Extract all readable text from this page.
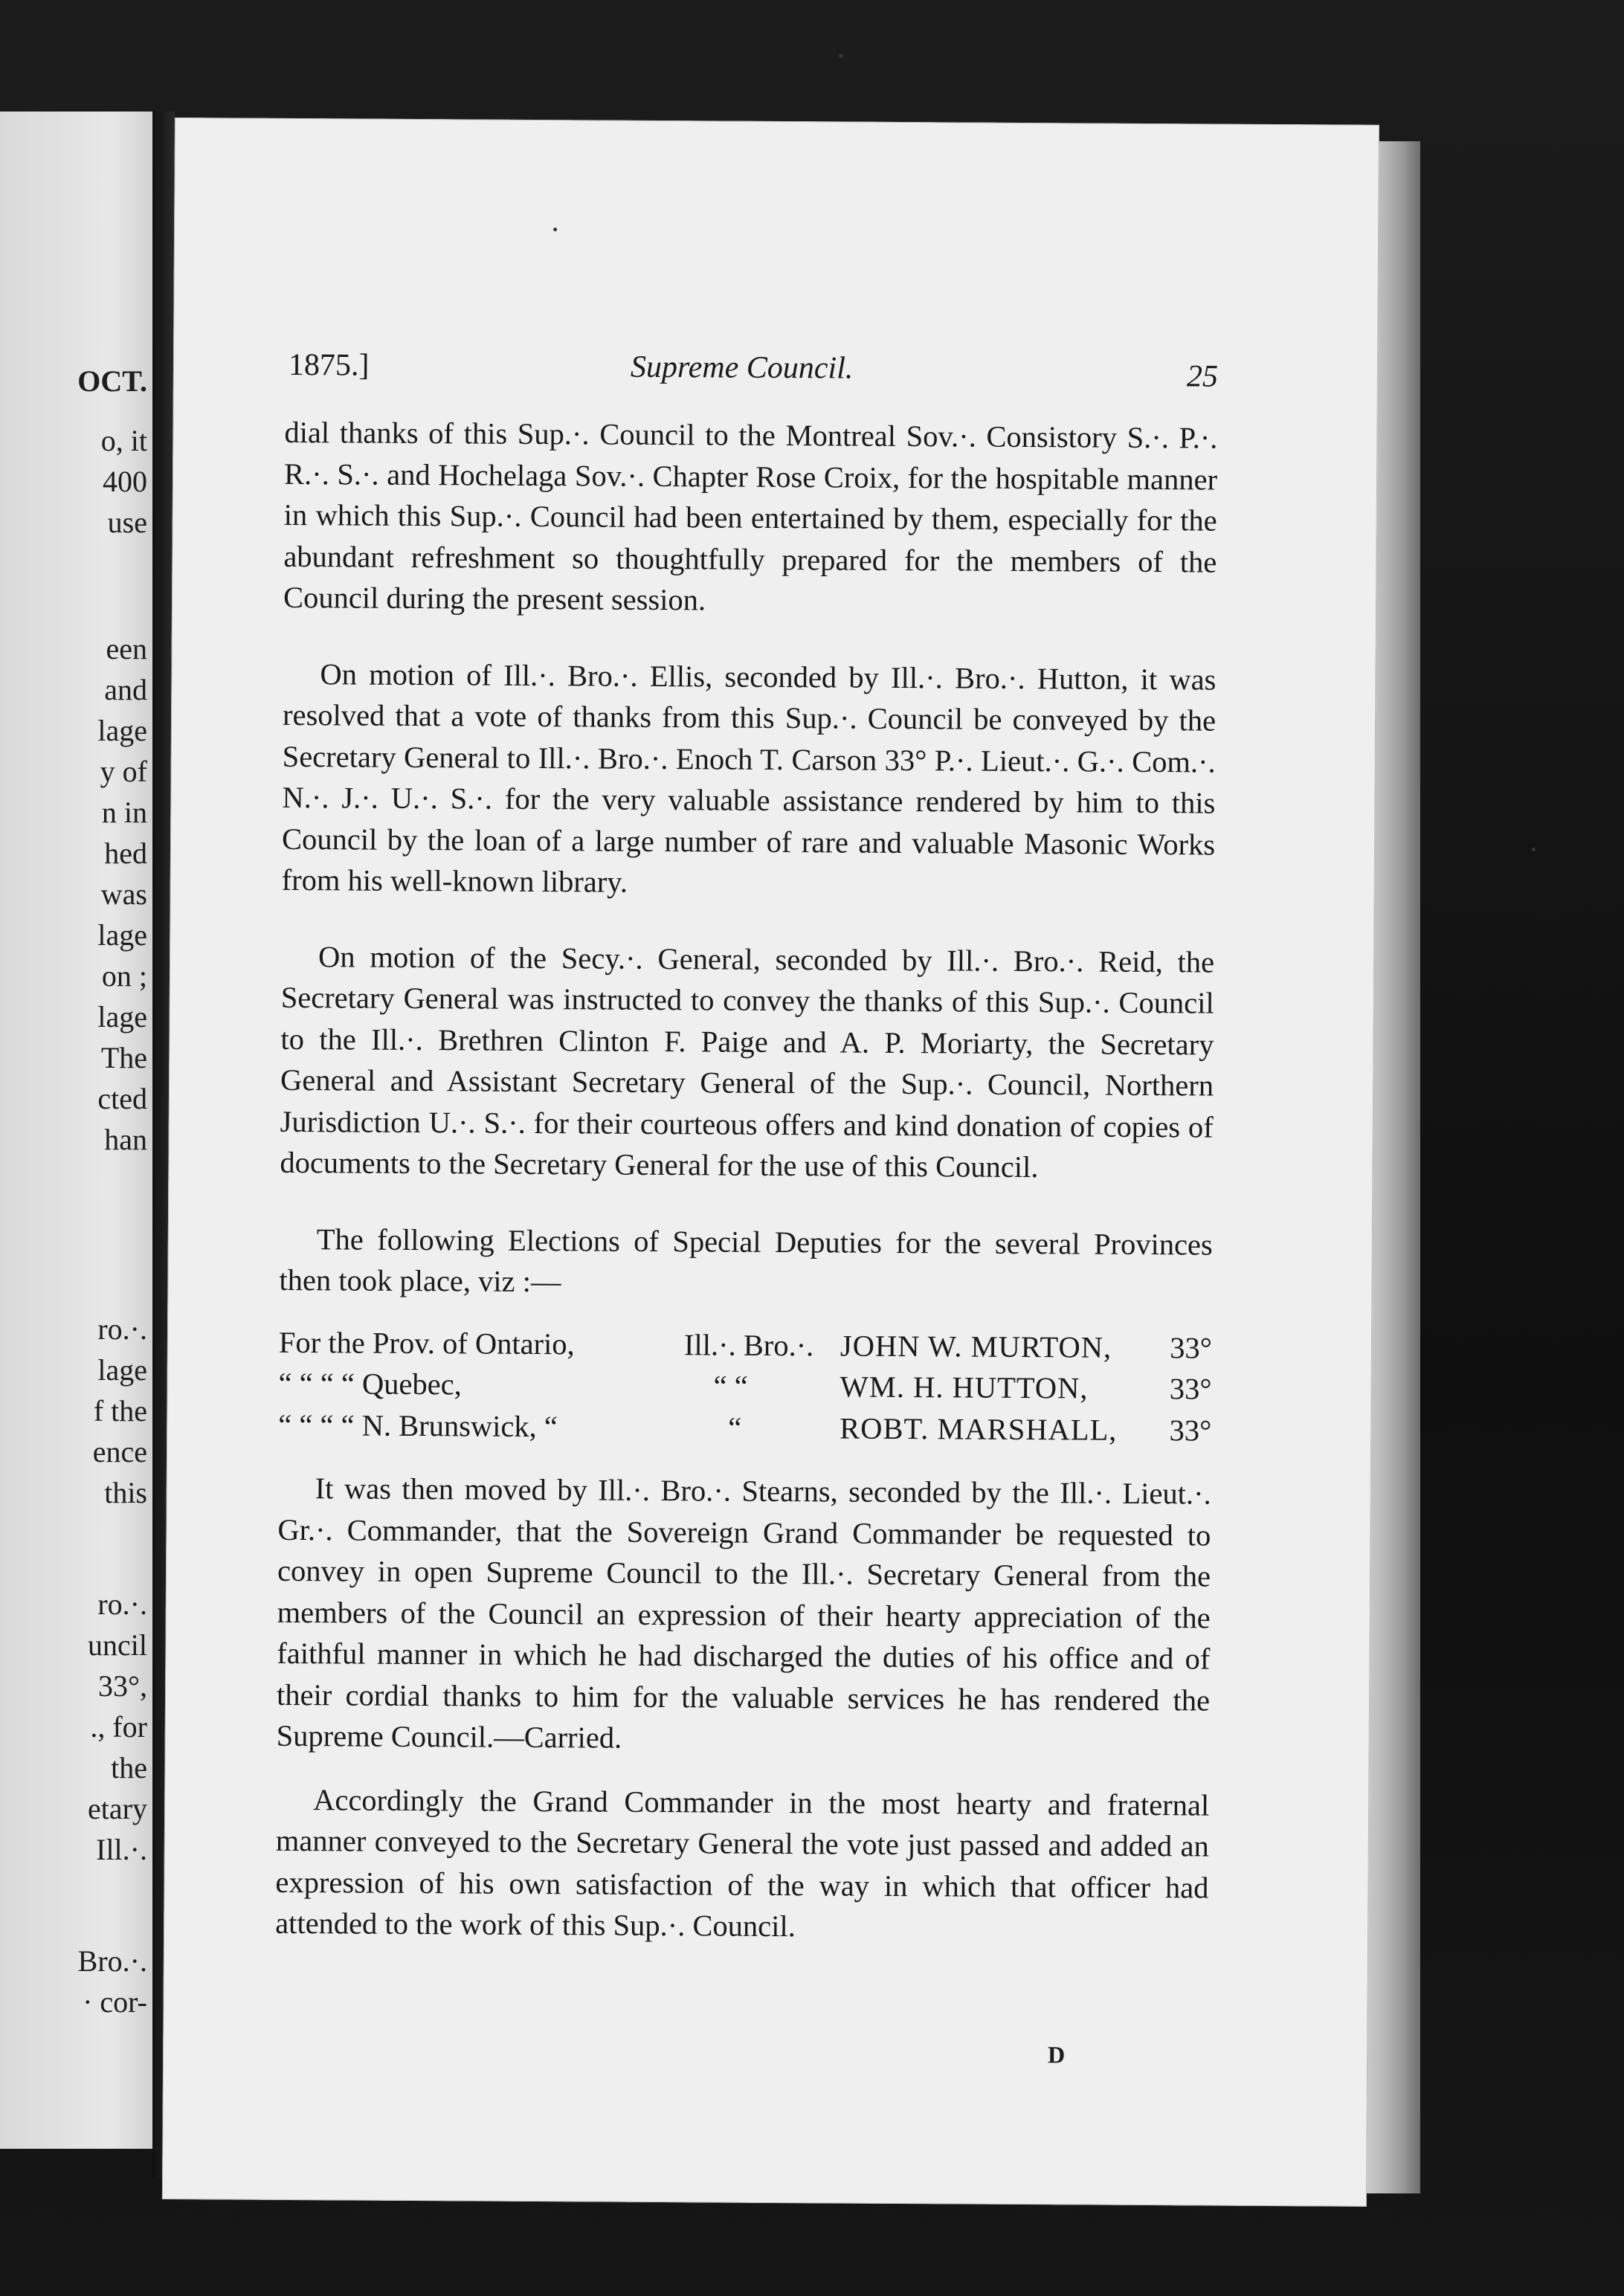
OCT.
o, it
400
use
een
and
lage
y of
n in
hed
was
lage
on ;
lage
The
cted
han
ro.·.
lage
f the
ence
this
ro.·.
uncil
33°,
., for
the
etary
Ill.·.
Bro.·.
· cor-
1875.]	Supreme Council.	25

dial thanks of this Sup.·. Council to the Montreal Sov.·. Consistory S.·. P.·. R.·. S.·. and Hochelaga Sov.·. Chapter Rose Croix, for the hospitable manner in which this Sup.·. Council had been entertained by them, especially for the abundant refreshment so thoughtfully prepared for the members of the Council during the present session.

On motion of Ill.·. Bro.·. Ellis, seconded by Ill.·. Bro.·. Hutton, it was resolved that a vote of thanks from this Sup.·. Council be conveyed by the Secretary General to Ill.·. Bro.·. Enoch T. Carson 33° P.·. Lieut.·. G.·. Com.·. N.·. J.·. U.·. S.·. for the very valuable assistance rendered by him to this Council by the loan of a large number of rare and valuable Masonic Works from his well-known library.

On motion of the Secy.·. General, seconded by Ill.·. Bro.·. Reid, the Secretary General was instructed to convey the thanks of this Sup.·. Council to the Ill.·. Brethren Clinton F. Paige and A. P. Moriarty, the Secretary General and Assistant Secretary General of the Sup.·. Council, Northern Jurisdiction U.·. S.·. for their courteous offers and kind donation of copies of documents to the Secretary General for the use of this Council.

The following Elections of Special Deputies for the several Provinces then took place, viz :—

For the Prov. of Ontario,	Ill.·. Bro.·.	JOHN W. MURTON,	33°
“ “ “ “ Quebec,	“ “	WM. H. HUTTON,	33°
“ “ “ “ N. Brunswick, “	“	ROBT. MARSHALL,	33°

It was then moved by Ill.·. Bro.·. Stearns, seconded by the Ill.·. Lieut.·. Gr.·. Commander, that the Sovereign Grand Commander be requested to convey in open Supreme Council to the Ill.·. Secretary General from the members of the Council an expression of their hearty appreciation of the faithful manner in which he had discharged the duties of his office and of their cordial thanks to him for the valuable services he has rendered the Supreme Council.—Carried.

Accordingly the Grand Commander in the most hearty and fraternal manner conveyed to the Secretary General the vote just passed and added an expression of his own satisfaction of the way in which that officer had attended to the work of this Sup.·. Council.

D
